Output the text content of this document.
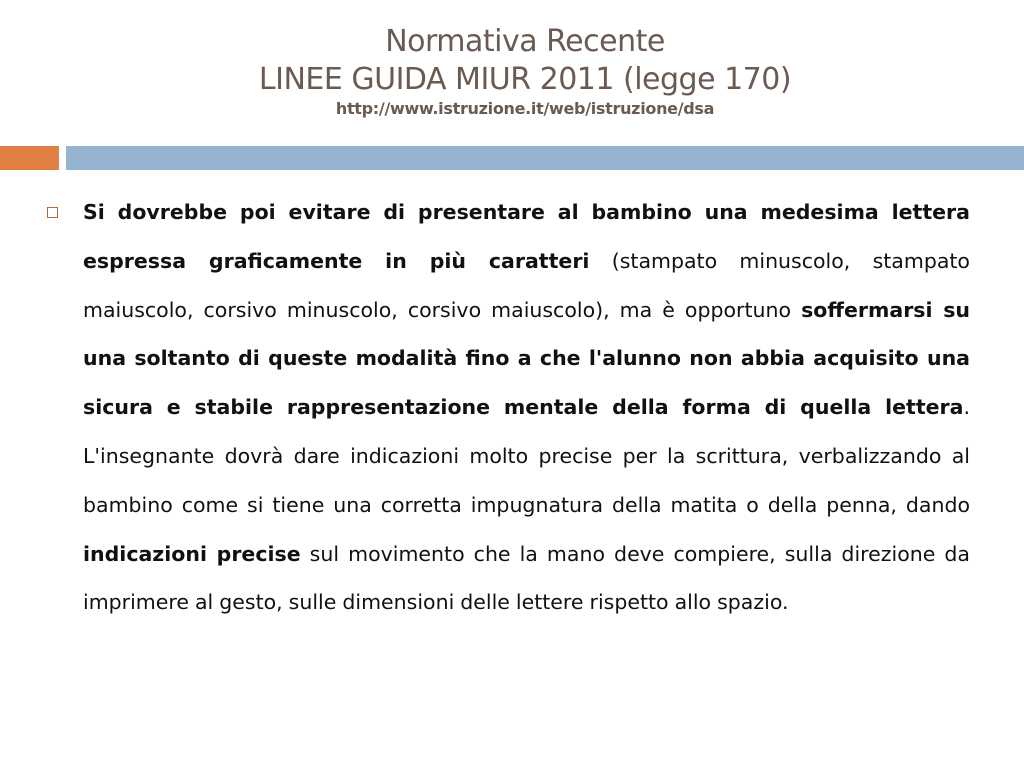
Normativa Recente
LINEE GUIDA MIUR 2011 (legge 170)
http://www.istruzione.it/web/istruzione/dsa
Si dovrebbe poi evitare di presentare al bambino una medesima lettera espressa graficamente in più caratteri (stampato minuscolo, stampato maiuscolo, corsivo minuscolo, corsivo maiuscolo), ma è opportuno soffermarsi su una soltanto di queste modalità fino a che l'alunno non abbia acquisito una sicura e stabile rappresentazione mentale della forma di quella lettera. L'insegnante dovrà dare indicazioni molto precise per la scrittura, verbalizzando al bambino come si tiene una corretta impugnatura della matita o della penna, dando indicazioni precise sul movimento che la mano deve compiere, sulla direzione da imprimere al gesto, sulle dimensioni delle lettere rispetto allo spazio.
